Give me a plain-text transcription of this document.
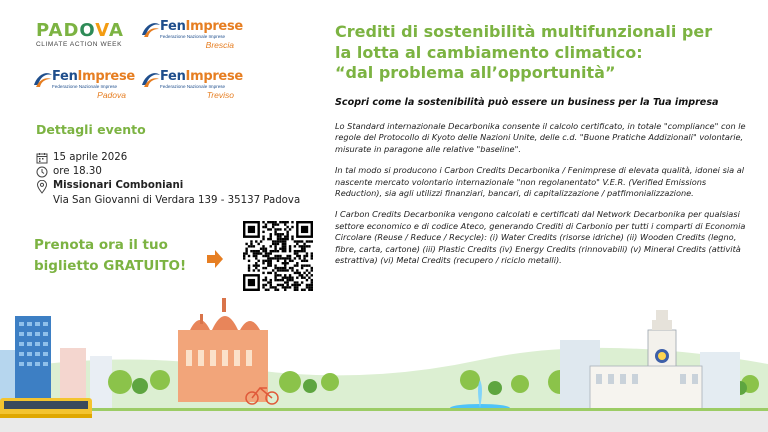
PADOVA
CLIMATE ACTION WEEK
FenImprese
Federazione Nazionale Imprese
Brescia
FenImprese
Federazione Nazionale Imprese
Padova
FenImprese
Federazione Nazionale Imprese
Treviso
Crediti di sostenibilità multifunzionali per
la lotta al cambiamento climatico:
“dal problema all’opportunità”
Scopri come la sostenibilità può essere un business per la Tua impresa

Lo Standard internazionale Decarbonika consente il calcolo certificato, in totale "compliance" con le regole del Protocollo di Kyoto delle Nazioni Unite, delle c.d. "Buone Pratiche Addizionali" volontarie, misurate in paragone alle relative "baseline".

In tal modo si producono i Carbon Credits Decarbonika / Fenimprese di elevata qualità, idonei sia al nascente mercato volontario internazionale "non regolanentato" V.E.R. (Verified Emissions Reduction), sia agli utilizzi finanziari, bancari, di capitalizzazione / patfimonializzazione.

I Carbon Credits Decarbonika vengono calcolati e certificati dal Network Decarbonika per qualsiasi settore economico e di codice Ateco, generando Crediti di Carbonio per tutti i comparti di Economia Circolare (Reuse / Reduce / Recycle): (i) Water Credits (risorse idriche) (ii) Wooden Credits (legno, fibre, carta, cartone) (iii) Plastic Credits (iv) Energy Credits (rinnovabili) (v) Mineral Credits (attività estrattiva) (vi) Metal Credits (recupero / riciclo metalli).

Dettagli evento
15 aprile 2026
ore 18.30
Missionari Comboniani
Via San Giovanni di Verdara 139 - 35137 Padova
Prenota ora il tuo
biglietto GRATUITO!
